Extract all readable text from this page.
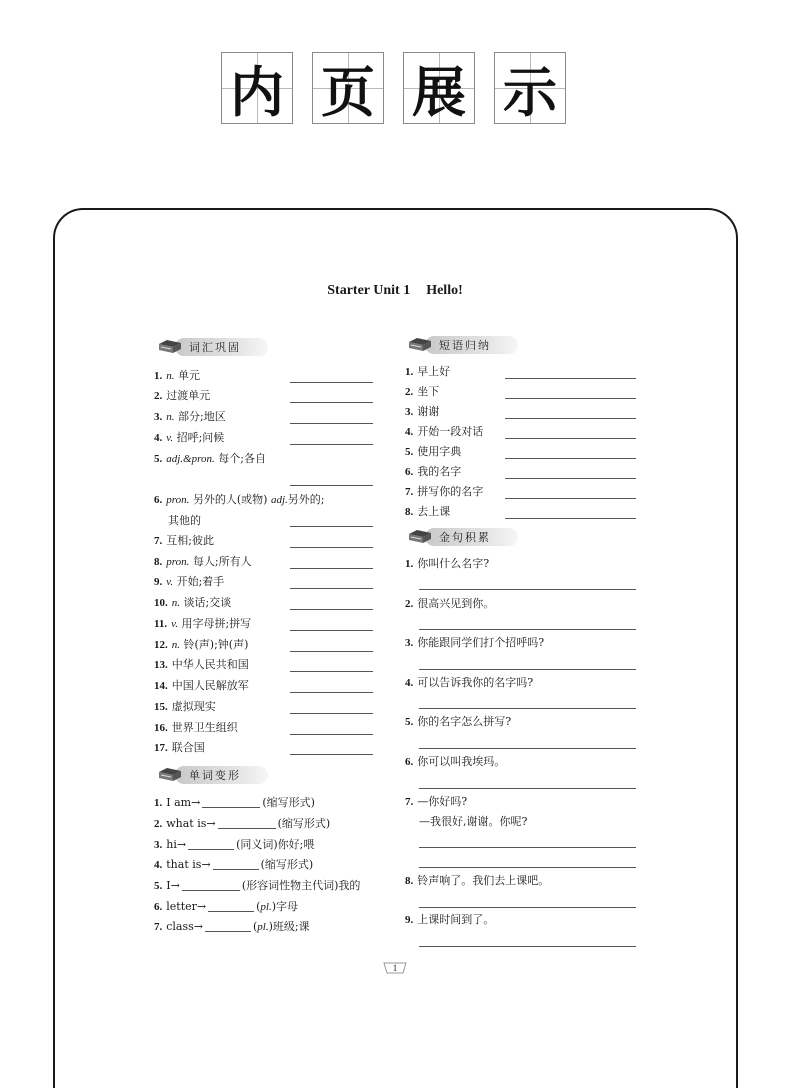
内 页 展 示
Starter Unit 1 Hello!
词汇巩固
单词变形
短语归纳
金句积累
1. n. 单元
2. 过渡单元
3. n. 部分;地区
4. v. 招呼;问候
5. adj.&pron. 每个;各自
6. pron. 另外的人(或物) adj.另外的;
其他的
7. 互相;彼此
8. pron. 每人;所有人
9. v. 开始;着手
10. n. 谈话;交谈
11. v. 用字母拼;拼写
12. n. 铃(声);钟(声)
13. 中华人民共和国
14. 中国人民解放军
15. 虚拟现实
16. 世界卫生组织
17. 联合国
1. I am→	(缩写形式)
2. what is→	(缩写形式)
3. hi→	(同义词)你好;喂
4. that is→	(缩写形式)
5. I→	(形容词性物主代词)我的
6. letter→	(pl.)字母
7. class→	(pl.)班级;课
1. 早上好
2. 坐下
3. 谢谢
4. 开始一段对话
5. 使用字典
6. 我的名字
7. 拼写你的名字
8. 去上课
1. 你叫什么名字?
2. 很高兴见到你。
3. 你能跟同学们打个招呼吗?
4. 可以告诉我你的名字吗?
5. 你的名字怎么拼写?
6. 你可以叫我埃玛。
7. —你好吗?
—我很好,谢谢。你呢?
8. 铃声响了。我们去上课吧。
9. 上课时间到了。
1
